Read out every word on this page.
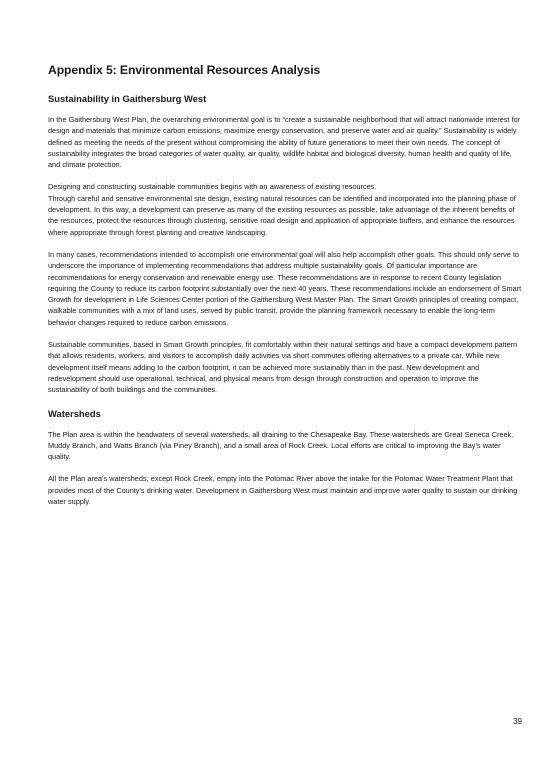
Appendix 5: Environmental Resources Analysis
Sustainability in Gaithersburg West

In the Gaithersburg West Plan, the overarching environmental goal is to “create a sustainable neighborhood that will attract nationwide interest for design and materials that minimize carbon emissions, maximize energy conservation, and preserve water and air quality.” Sustainability is widely defined as meeting the needs of the present without compromising the ability of future generations to meet their own needs. The concept of sustainability integrates the broad categories of water quality, air quality, wildlife habitat and biological diversity, human health and quality of life, and climate protection.

Designing and constructing sustainable communities begins with an awareness of existing resources.

Through careful and sensitive environmental site design, existing natural resources can be identified and incorporated into the planning phase of development. In this way, a development can preserve as many of the existing resources as possible, take advantage of the inherent benefits of the resources, protect the resources through clustering, sensitive road design and application of appropriate buffers, and enhance the resources where appropriate through forest planting and creative landscaping.

In many cases, recommendations intended to accomplish one environmental goal will also help accomplish other goals. This should only serve to underscore the importance of implementing recommendations that address multiple sustainability goals. Of particular importance are recommendations for energy conservation and renewable energy use. These recommendations are in response to recent County legislation requiring the County to reduce its carbon footprint substantially over the next 40 years. These recommendations include an endorsement of Smart Growth for development in Life Sciences Center portion of the Gaithersburg West Master Plan. The Smart Growth principles of creating compact, walkable communities with a mix of land uses, served by public transit, provide the planning framework necessary to enable the long-term behavior changes required to reduce carbon emissions.

Sustainable communities, based in Smart Growth principles, fit comfortably within their natural settings and have a compact development pattern that allows residents, workers, and visitors to accomplish daily activities via short commutes offering alternatives to a private car. While new development itself means adding to the carbon footprint, it can be achieved more sustainably than in the past. New development and redevelopment should use operational, technical, and physical means from design through construction and operation to improve the sustainability of both buildings and the communities.

Watersheds

The Plan area is within the headwaters of several watersheds, all draining to the Chesapeake Bay. These watersheds are Great Seneca Creek, Muddy Branch, and Watts Branch (via Piney Branch), and a small area of Rock Creek. Local efforts are critical to improving the Bay’s water quality.

All the Plan area’s watersheds, except Rock Creek, empty into the Potomac River above the intake for the Potomac Water Treatment Plant that provides most of the County’s drinking water. Development in Gaithersburg West must maintain and improve water quality to sustain our drinking water supply.

39
